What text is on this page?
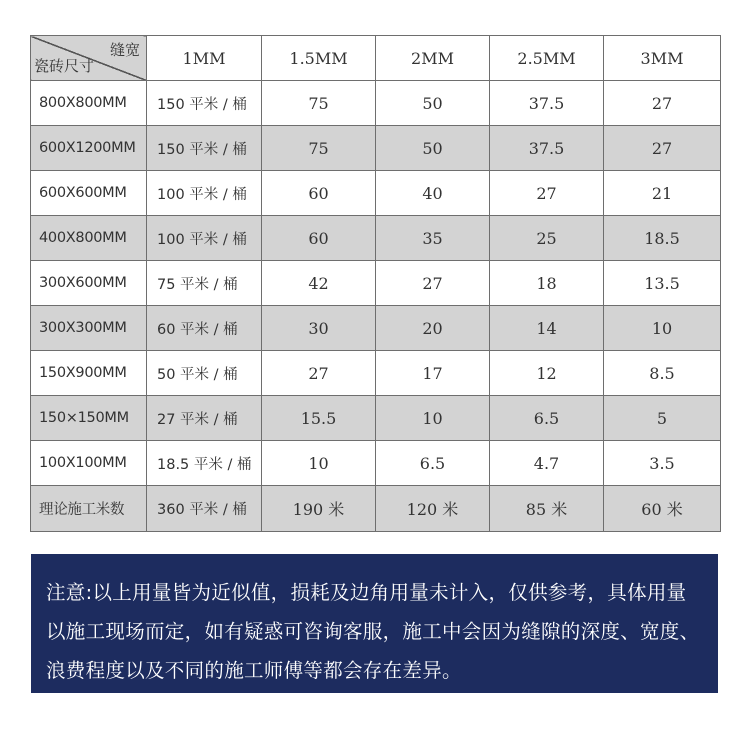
缝宽
瓷砖尺寸	1MM	1.5MM	2MM	2.5MM	3MM
800X800MM	150 平米 / 桶	75	50	37.5	27
600X1200MM	150 平米 / 桶	75	50	37.5	27
600X600MM	100 平米 / 桶	60	40	27	21
400X800MM	100 平米 / 桶	60	35	25	18.5
300X600MM	75 平米 / 桶	42	27	18	13.5
300X300MM	60 平米 / 桶	30	20	14	10
150X900MM	50 平米 / 桶	27	17	12	8.5
150×150MM	27 平米 / 桶	15.5	10	6.5	5
100X100MM	18.5 平米 / 桶	10	6.5	4.7	3.5
理论施工米数	360 平米 / 桶	190 米	120 米	85 米	60 米
注意:以上用量皆为近似值，损耗及边角用量未计入，仅供参考，具体用量以施工现场而定，如有疑惑可咨询客服，施工中会因为缝隙的深度、宽度、浪费程度以及不同的施工师傅等都会存在差异。
